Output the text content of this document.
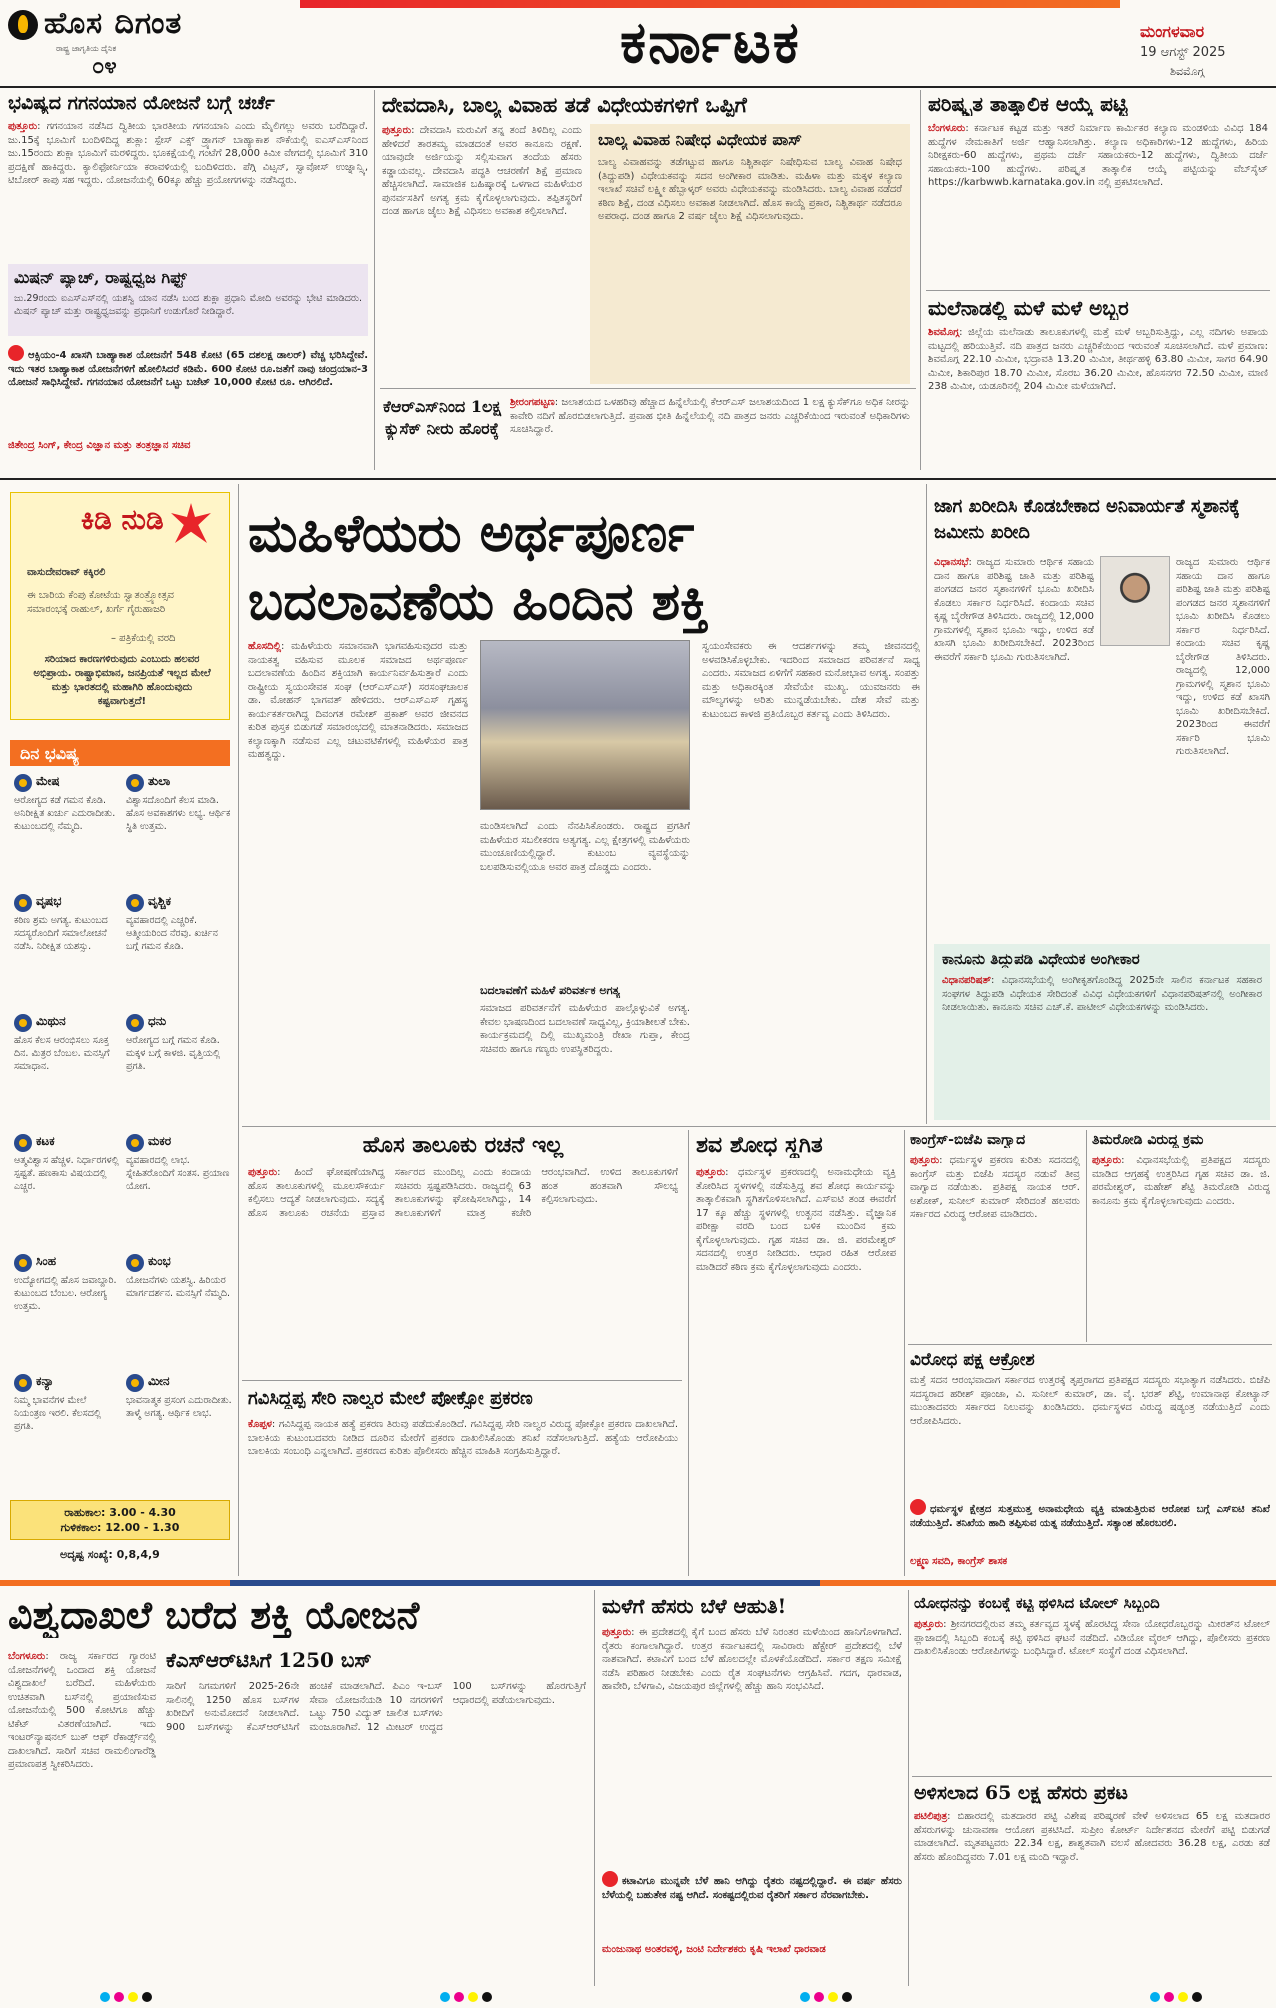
ಹೊಸ ದಿಗಂತ
ರಾಷ್ಟ್ರ ಜಾಗೃತಿಯ ದೈನಿಕ
೦೪	ಕರ್ನಾಟಕ	ಮಂಗಳವಾರ
19 ಆಗಸ್ಟ್ 2025
ಶಿವಮೊಗ್ಗ
ಭವಿಷ್ಯದ ಗಗನಯಾನ ಯೋಜನೆ ಬಗ್ಗೆ ಚರ್ಚೆ
ಪುತ್ತೂರು: ಗಗನಯಾನ ನಡೆಸಿದ ದ್ವಿತೀಯ ಭಾರತೀಯ ಗಗನಯಾನಿ ಎಂದು ಮೈಲಿಗಲ್ಲು ಅವರು ಬರೆದಿದ್ದಾರೆ. ಜು.15ಕ್ಕೆ ಭೂಮಿಗೆ ಬಂದಿಳಿದಿದ್ದ ಶುಕ್ಲಾ: ಸ್ಪೇಸ್ ಎಕ್ಸ್ ಡ್ರ್ಯಾಗನ್ ಬಾಹ್ಯಾಕಾಶ ನೌಕೆಯಲ್ಲಿ ಐಎಸ್ಎಸ್‌ನಿಂದ ಜು.15ರಂದು ಶುಕ್ಲಾ ಭೂಮಿಗೆ ಮರಳಿದ್ದರು. ಭೂಕಕ್ಷೆಯಲ್ಲಿ ಗಂಟೆಗೆ 28,000 ಕಿಮೀ ವೇಗದಲ್ಲಿ ಭೂಮಿಗೆ 310 ಪ್ರದಕ್ಷಿಣೆ ಹಾಕಿದ್ದರು. ಕ್ಯಾಲಿಫೋರ್ನಿಯಾ ಕರಾವಳಿಯಲ್ಲಿ ಬಂದಿಳಿದರು. ಪೆಗ್ಗಿ ವಿಟ್ಸನ್, ಸ್ವಾವೋಸ್ ಉಜ್ನಾನ್ಸ್ಕಿ, ಟಿಬೋರ್ ಕಾಪು ಸಹ ಇದ್ದರು. ಯೋಜನೆಯಲ್ಲಿ 60ಕ್ಕೂ ಹೆಚ್ಚು ಪ್ರಯೋಗಗಳನ್ನು ನಡೆಸಿದ್ದರು.
ಮಿಷನ್ ಪ್ಯಾಚ್, ರಾಷ್ಟ್ರಧ್ವಜ ಗಿಫ್ಟ್
ಜು.29ರಂದು ಐಎಸ್ಎಸ್‌ನಲ್ಲಿ ಯಶಸ್ವಿ ಯಾನ ನಡೆಸಿ ಬಂದ ಶುಕ್ಲಾ ಪ್ರಧಾನಿ ಮೋದಿ ಅವರನ್ನು ಭೇಟಿ ಮಾಡಿದರು. ಮಿಷನ್ ಪ್ಯಾಚ್ ಮತ್ತು ರಾಷ್ಟ್ರಧ್ವಜವನ್ನು ಪ್ರಧಾನಿಗೆ ಉಡುಗೊರೆ ನೀಡಿದ್ದಾರೆ.
ಆಕ್ಸಿಯಂ-4 ಖಾಸಗಿ ಬಾಹ್ಯಾಕಾಶ ಯೋಜನೆಗೆ 548 ಕೋಟಿ (65 ದಶಲಕ್ಷ ಡಾಲರ್) ವೆಚ್ಚ ಭರಿಸಿದ್ದೇವೆ. ಇದು ಇತರ ಬಾಹ್ಯಾಕಾಶ ಯೋಜನೆಗಳಿಗೆ ಹೋಲಿಸಿದರೆ ಕಡಿಮೆ. 600 ಕೋಟಿ ರೂ.ಜತೆಗೆ ನಾವು ಚಂದ್ರಯಾನ-3 ಯೋಜನೆ ಸಾಧಿಸಿದ್ದೇವೆ. ಗಗನಯಾನ ಯೋಜನೆಗೆ ಒಟ್ಟು ಬಜೆಟ್ 10,000 ಕೋಟಿ ರೂ. ಆಗಿರಲಿದೆ.
ಜಿತೇಂದ್ರ ಸಿಂಗ್, ಕೇಂದ್ರ ವಿಜ್ಞಾನ ಮತ್ತು ತಂತ್ರಜ್ಞಾನ ಸಚಿವ
ದೇವದಾಸಿ, ಬಾಲ್ಯ ವಿವಾಹ ತಡೆ ವಿಧೇಯಕಗಳಿಗೆ ಒಪ್ಪಿಗೆ
ಪುತ್ತೂರು: ದೇವದಾಸಿ ಮರುವಿಗೆ ತನ್ನ ತಂದೆ ತಿಳಿದಿಲ್ಲ ಎಂದು ಹೇಳಿದರೆ ತಾರತಮ್ಯ ಮಾಡದಂತೆ ಅವರ ಕಾನೂನು ರಕ್ಷಣೆ. ಯಾವುದೇ ಅರ್ಜಿಯನ್ನು ಸಲ್ಲಿಸುವಾಗ ತಂದೆಯ ಹೆಸರು ಕಡ್ಡಾಯವಲ್ಲ. ದೇವದಾಸಿ ಪದ್ಧತಿ ಆಚರಣೆಗೆ ಶಿಕ್ಷೆ ಪ್ರಮಾಣ ಹೆಚ್ಚಿಸಲಾಗಿದೆ. ಸಾಮಾಜಿಕ ಬಹಿಷ್ಕಾರಕ್ಕೆ ಒಳಗಾದ ಮಹಿಳೆಯರ ಪುನರ್ವಸತಿಗೆ ಅಗತ್ಯ ಕ್ರಮ ಕೈಗೊಳ್ಳಲಾಗುವುದು. ತಪ್ಪಿತಸ್ಥರಿಗೆ ದಂಡ ಹಾಗೂ ಜೈಲು ಶಿಕ್ಷೆ ವಿಧಿಸಲು ಅವಕಾಶ ಕಲ್ಪಿಸಲಾಗಿದೆ.
ಬಾಲ್ಯ ವಿವಾಹ ನಿಷೇಧ ವಿಧೇಯಕ ಪಾಸ್
ಬಾಲ್ಯ ವಿವಾಹವನ್ನು ತಡೆಗಟ್ಟುವ ಹಾಗೂ ನಿಶ್ಚಿತಾರ್ಥ ನಿಷೇಧಿಸುವ ಬಾಲ್ಯ ವಿವಾಹ ನಿಷೇಧ (ತಿದ್ದುಪಡಿ) ವಿಧೇಯಕವನ್ನು ಸದನ ಅಂಗೀಕಾರ ಮಾಡಿತು. ಮಹಿಳಾ ಮತ್ತು ಮಕ್ಕಳ ಕಲ್ಯಾಣ ಇಲಾಖೆ ಸಚಿವೆ ಲಕ್ಷ್ಮೀ ಹೆಬ್ಬಾಳ್ಕರ್ ಅವರು ವಿಧೇಯಕವನ್ನು ಮಂಡಿಸಿದರು. ಬಾಲ್ಯ ವಿವಾಹ ನಡೆದರೆ ಕಠಿಣ ಶಿಕ್ಷೆ, ದಂಡ ವಿಧಿಸಲು ಅವಕಾಶ ನೀಡಲಾಗಿದೆ. ಹೊಸ ಕಾಯ್ದೆ ಪ್ರಕಾರ, ನಿಶ್ಚಿತಾರ್ಥ ನಡೆದರೂ ಅಪರಾಧ. ದಂಡ ಹಾಗೂ 2 ವರ್ಷ ಜೈಲು ಶಿಕ್ಷೆ ವಿಧಿಸಲಾಗುವುದು.
ಕೆಆರ್‌ಎಸ್‌ನಿಂದ 1ಲಕ್ಷ ಕ್ಯುಸೆಕ್ ನೀರು ಹೊರಕ್ಕೆ
ಶ್ರೀರಂಗಪಟ್ಟಣ: ಜಲಾಶಯದ ಒಳಹರಿವು ಹೆಚ್ಚಾದ ಹಿನ್ನೆಲೆಯಲ್ಲಿ ಕೆಆರ್‌ಎಸ್ ಜಲಾಶಯದಿಂದ 1 ಲಕ್ಷ ಕ್ಯುಸೆಕ್‌ಗೂ ಅಧಿಕ ನೀರನ್ನು ಕಾವೇರಿ ನದಿಗೆ ಹೊರಬಿಡಲಾಗುತ್ತಿದೆ. ಪ್ರವಾಹ ಭೀತಿ ಹಿನ್ನೆಲೆಯಲ್ಲಿ ನದಿ ಪಾತ್ರದ ಜನರು ಎಚ್ಚರಿಕೆಯಿಂದ ಇರುವಂತೆ ಅಧಿಕಾರಿಗಳು ಸೂಚಿಸಿದ್ದಾರೆ.
ಪರಿಷ್ಕೃತ ತಾತ್ಕಾಲಿಕ ಆಯ್ಕೆ ಪಟ್ಟಿ
ಬೆಂಗಳೂರು: ಕರ್ನಾಟಕ ಕಟ್ಟಡ ಮತ್ತು ಇತರೆ ನಿರ್ಮಾಣ ಕಾರ್ಮಿಕರ ಕಲ್ಯಾಣ ಮಂಡಳಿಯ ವಿವಿಧ 184 ಹುದ್ದೆಗಳ ನೇಮಕಾತಿಗೆ ಅರ್ಜಿ ಆಹ್ವಾನಿಸಲಾಗಿತ್ತು. ಕಲ್ಯಾಣ ಅಧಿಕಾರಿಗಳು-12 ಹುದ್ದೆಗಳು, ಹಿರಿಯ ನಿರೀಕ್ಷಕರು-60 ಹುದ್ದೆಗಳು, ಪ್ರಥಮ ದರ್ಜೆ ಸಹಾಯಕರು-12 ಹುದ್ದೆಗಳು, ದ್ವಿತೀಯ ದರ್ಜೆ ಸಹಾಯಕರು-100 ಹುದ್ದೆಗಳು. ಪರಿಷ್ಕೃತ ತಾತ್ಕಾಲಿಕ ಆಯ್ಕೆ ಪಟ್ಟಿಯನ್ನು ವೆಬ್‌ಸೈಟ್ https://karbwwb.karnataka.gov.in ನಲ್ಲಿ ಪ್ರಕಟಿಸಲಾಗಿದೆ.
ಮಲೆನಾಡಲ್ಲಿ ಮಳೆ ಮಳೆ ಅಬ್ಬರ
ಶಿವಮೊಗ್ಗ: ಜಿಲ್ಲೆಯ ಮಲೆನಾಡು ತಾಲೂಕುಗಳಲ್ಲಿ ಮತ್ತೆ ಮಳೆ ಅಬ್ಬರಿಸುತ್ತಿದ್ದು, ಎಲ್ಲ ನದಿಗಳು ಅಪಾಯ ಮಟ್ಟದಲ್ಲಿ ಹರಿಯುತ್ತಿವೆ. ನದಿ ಪಾತ್ರದ ಜನರು ಎಚ್ಚರಿಕೆಯಿಂದ ಇರುವಂತೆ ಸೂಚಿಸಲಾಗಿದೆ. ಮಳೆ ಪ್ರಮಾಣ: ಶಿವಮೊಗ್ಗ 22.10 ಮಿಮೀ, ಭದ್ರಾವತಿ 13.20 ಮಿಮೀ, ತೀರ್ಥಹಳ್ಳಿ 63.80 ಮಿಮೀ, ಸಾಗರ 64.90 ಮಿಮೀ, ಶಿಕಾರಿಪುರ 18.70 ಮಿಮೀ, ಸೊರಬ 36.20 ಮಿಮೀ, ಹೊಸನಗರ 72.50 ಮಿಮೀ, ಮಾಣಿ 238 ಮಿಮೀ, ಯಡೂರಿನಲ್ಲಿ 204 ಮಿಮೀ ಮಳೆಯಾಗಿದೆ.
ಕಿಡಿ ನುಡಿ
ವಾಸುದೇವರಾವ್ ಕಕ್ಕಿರಲಿ
ಈ ಬಾರಿಯ ಕೆಂಪು ಕೋಟೆಯ ಸ್ವಾತಂತ್ರ್ಯೋತ್ಸವ ಸಮಾರಂಭಕ್ಕೆ ರಾಹುಲ್, ಖರ್ಗೆ ಗೈರುಹಾಜರಿ
– ಪತ್ರಿಕೆಯಲ್ಲಿ ವರದಿ
ಸರಿಯಾದ ಕಾರಣಗಳಿರುವುದು ಎಂಬುದು ಹಲವರ ಅಭಿಪ್ರಾಯ. ರಾಷ್ಟ್ರಾಭಿಮಾನ, ಜನಪ್ರಿಯತೆ ಇಲ್ಲದ ಮೇಲೆ ಮತ್ತು ಭಾರತದಲ್ಲಿ ಮಹಾಗಿರಿ ಹೊಂದುವುದು ಕಷ್ಟವಾಗುತ್ತದೆ!
ದಿನ ಭವಿಷ್ಯ
ಮೇಷ
ಆರೋಗ್ಯದ ಕಡೆ ಗಮನ ಕೊಡಿ. ಅನಿರೀಕ್ಷಿತ ಖರ್ಚು ಎದುರಾದೀತು. ಕುಟುಂಬದಲ್ಲಿ ನೆಮ್ಮದಿ.
ತುಲಾ
ವಿಶ್ವಾಸದೊಂದಿಗೆ ಕೆಲಸ ಮಾಡಿ. ಹೊಸ ಅವಕಾಶಗಳು ಲಭ್ಯ. ಆರ್ಥಿಕ ಸ್ಥಿತಿ ಉತ್ತಮ.
ವೃಷಭ
ಕಠಿಣ ಶ್ರಮ ಅಗತ್ಯ. ಕುಟುಂಬದ ಸದಸ್ಯರೊಂದಿಗೆ ಸಮಾಲೋಚನೆ ನಡೆಸಿ. ನಿರೀಕ್ಷಿತ ಯಶಸ್ಸು.
ವೃಶ್ಚಿಕ
ವ್ಯವಹಾರದಲ್ಲಿ ಎಚ್ಚರಿಕೆ. ಆತ್ಮೀಯರಿಂದ ನೆರವು. ಖರ್ಚಿನ ಬಗ್ಗೆ ಗಮನ ಕೊಡಿ.
ಮಿಥುನ
ಹೊಸ ಕೆಲಸ ಆರಂಭಿಸಲು ಸೂಕ್ತ ದಿನ. ಮಿತ್ರರ ಬೆಂಬಲ. ಮನಸ್ಸಿಗೆ ಸಮಾಧಾನ.
ಧನು
ಆರೋಗ್ಯದ ಬಗ್ಗೆ ಗಮನ ಕೊಡಿ. ಮಕ್ಕಳ ಬಗ್ಗೆ ಕಾಳಜಿ. ವೃತ್ತಿಯಲ್ಲಿ ಪ್ರಗತಿ.
ಕಟಕ
ಆತ್ಮವಿಶ್ವಾಸ ಹೆಚ್ಚಳ. ನಿರ್ಧಾರಗಳಲ್ಲಿ ಸ್ಪಷ್ಟತೆ. ಹಣಕಾಸು ವಿಷಯದಲ್ಲಿ ಎಚ್ಚರ.
ಮಕರ
ವ್ಯವಹಾರದಲ್ಲಿ ಲಾಭ. ಸ್ನೇಹಿತರೊಂದಿಗೆ ಸಂತಸ. ಪ್ರಯಾಣ ಯೋಗ.
ಸಿಂಹ
ಉದ್ಯೋಗದಲ್ಲಿ ಹೊಸ ಜವಾಬ್ದಾರಿ. ಕುಟುಂಬದ ಬೆಂಬಲ. ಆರೋಗ್ಯ ಉತ್ತಮ.
ಕುಂಭ
ಯೋಜನೆಗಳು ಯಶಸ್ವಿ. ಹಿರಿಯರ ಮಾರ್ಗದರ್ಶನ. ಮನಸ್ಸಿಗೆ ನೆಮ್ಮದಿ.
ಕನ್ಯಾ
ನಿಮ್ಮ ಭಾವನೆಗಳ ಮೇಲೆ ನಿಯಂತ್ರಣ ಇರಲಿ. ಕೆಲಸದಲ್ಲಿ ಪ್ರಗತಿ.
ಮೀನ
ಭಾವನಾತ್ಮಕ ಪ್ರಸಂಗ ಎದುರಾದೀತು. ತಾಳ್ಮೆ ಅಗತ್ಯ. ಆರ್ಥಿಕ ಲಾಭ.
ರಾಹುಕಾಲ: 3.00 - 4.30
ಗುಳಿಕಕಾಲ: 12.00 - 1.30
ಅದೃಷ್ಟ ಸಂಖ್ಯೆ: 0,8,4,9
ಮಹಿಳೆಯರು ಅರ್ಥಪೂರ್ಣ ಬದಲಾವಣೆಯ ಹಿಂದಿನ ಶಕ್ತಿ
ಹೊಸದಿಲ್ಲಿ: ಮಹಿಳೆಯರು ಸಮಾನವಾಗಿ ಭಾಗವಹಿಸುವುದರ ಮತ್ತು ನಾಯಕತ್ವ ವಹಿಸುವ ಮೂಲಕ ಸಮಾಜದ ಅರ್ಥಪೂರ್ಣ ಬದಲಾವಣೆಯ ಹಿಂದಿನ ಶಕ್ತಿಯಾಗಿ ಕಾರ್ಯನಿರ್ವಹಿಸುತ್ತಾರೆ ಎಂದು ರಾಷ್ಟ್ರೀಯ ಸ್ವಯಂಸೇವಕ ಸಂಘ (ಆರ್‌ಎಸ್‌ಎಸ್) ಸರಸಂಘಚಾಲಕ ಡಾ. ಮೋಹನ್ ಭಾಗವತ್ ಹೇಳಿದರು. ಆರ್‌ಎಸ್‌ಎಸ್ ಗೃಹಸ್ಥ ಕಾರ್ಯಕರ್ತರಾಗಿದ್ದ ದಿವಂಗತ ರಮೇಶ್ ಪ್ರಕಾಶ್ ಅವರ ಜೀವನದ ಕುರಿತ ಪುಸ್ತಕ ಬಿಡುಗಡೆ ಸಮಾರಂಭದಲ್ಲಿ ಮಾತನಾಡಿದರು. ಸಮಾಜದ ಕಲ್ಯಾಣಕ್ಕಾಗಿ ನಡೆಸುವ ಎಲ್ಲ ಚಟುವಟಿಕೆಗಳಲ್ಲಿ ಮಹಿಳೆಯರ ಪಾತ್ರ ಮಹತ್ವದ್ದು.
ಮಂಡಿಸಲಾಗಿದೆ ಎಂದು ನೆನಪಿಸಿಕೊಂಡರು. ರಾಷ್ಟ್ರದ ಪ್ರಗತಿಗೆ ಮಹಿಳೆಯರ ಸಬಲೀಕರಣ ಅತ್ಯಗತ್ಯ. ಎಲ್ಲ ಕ್ಷೇತ್ರಗಳಲ್ಲಿ ಮಹಿಳೆಯರು ಮುಂಚೂಣಿಯಲ್ಲಿದ್ದಾರೆ. ಕುಟುಂಬ ವ್ಯವಸ್ಥೆಯನ್ನು ಬಲಪಡಿಸುವಲ್ಲಿಯೂ ಅವರ ಪಾತ್ರ ದೊಡ್ಡದು ಎಂದರು.
ಬದಲಾವಣೆಗೆ ಮಹಿಳೆ ಪರಿವರ್ತಕ ಅಗತ್ಯ
ಸಮಾಜದ ಪರಿವರ್ತನೆಗೆ ಮಹಿಳೆಯರ ಪಾಲ್ಗೊಳ್ಳುವಿಕೆ ಅಗತ್ಯ. ಕೇವಲ ಭಾಷಣದಿಂದ ಬದಲಾವಣೆ ಸಾಧ್ಯವಿಲ್ಲ, ಕ್ರಿಯಾಶೀಲತೆ ಬೇಕು. ಕಾರ್ಯಕ್ರಮದಲ್ಲಿ ದಿಲ್ಲಿ ಮುಖ್ಯಮಂತ್ರಿ ರೇಖಾ ಗುಪ್ತಾ, ಕೇಂದ್ರ ಸಚಿವರು ಹಾಗೂ ಗಣ್ಯರು ಉಪಸ್ಥಿತರಿದ್ದರು.
ಸ್ವಯಂಸೇವಕರು ಈ ಆದರ್ಶಗಳನ್ನು ತಮ್ಮ ಜೀವನದಲ್ಲಿ ಅಳವಡಿಸಿಕೊಳ್ಳಬೇಕು. ಇದರಿಂದ ಸಮಾಜದ ಪರಿವರ್ತನೆ ಸಾಧ್ಯ ಎಂದರು. ಸಮಾಜದ ಏಳಿಗೆಗೆ ಸಹಕಾರ ಮನೋಭಾವ ಅಗತ್ಯ. ಸಂಪತ್ತು ಮತ್ತು ಅಧಿಕಾರಕ್ಕಿಂತ ಸೇವೆಯೇ ಮುಖ್ಯ. ಯುವಜನರು ಈ ಮೌಲ್ಯಗಳನ್ನು ಅರಿತು ಮುನ್ನಡೆಯಬೇಕು. ದೇಶ ಸೇವೆ ಮತ್ತು ಕುಟುಂಬದ ಕಾಳಜಿ ಪ್ರತಿಯೊಬ್ಬರ ಕರ್ತವ್ಯ ಎಂದು ತಿಳಿಸಿದರು.
ಜಾಗ ಖರೀದಿಸಿ ಕೊಡಬೇಕಾದ ಅನಿವಾರ್ಯತೆ ಸ್ಮಶಾನಕ್ಕೆ ಜಮೀನು ಖರೀದಿ
ವಿಧಾನಸಭೆ: ರಾಜ್ಯದ ಸುಮಾರು ಆರ್ಥಿಕ ಸಹಾಯ ದಾನ ಹಾಗೂ ಪರಿಶಿಷ್ಟ ಜಾತಿ ಮತ್ತು ಪರಿಶಿಷ್ಟ ಪಂಗಡದ ಜನರ ಸ್ಮಶಾನಗಳಿಗೆ ಭೂಮಿ ಖರೀದಿಸಿ ಕೊಡಲು ಸರ್ಕಾರ ನಿರ್ಧರಿಸಿದೆ. ಕಂದಾಯ ಸಚಿವ ಕೃಷ್ಣ ಬೈರೇಗೌಡ ತಿಳಿಸಿದರು. ರಾಜ್ಯದಲ್ಲಿ 12,000 ಗ್ರಾಮಗಳಲ್ಲಿ ಸ್ಮಶಾನ ಭೂಮಿ ಇದ್ದು, ಉಳಿದ ಕಡೆ ಖಾಸಗಿ ಭೂಮಿ ಖರೀದಿಸಬೇಕಿದೆ. 2023ರಿಂದ ಈವರೆಗೆ ಸರ್ಕಾರಿ ಭೂಮಿ ಗುರುತಿಸಲಾಗಿದೆ.
ರಾಜ್ಯದ ಸುಮಾರು ಆರ್ಥಿಕ ಸಹಾಯ ದಾನ ಹಾಗೂ ಪರಿಶಿಷ್ಟ ಜಾತಿ ಮತ್ತು ಪರಿಶಿಷ್ಟ ಪಂಗಡದ ಜನರ ಸ್ಮಶಾನಗಳಿಗೆ ಭೂಮಿ ಖರೀದಿಸಿ ಕೊಡಲು ಸರ್ಕಾರ ನಿರ್ಧರಿಸಿದೆ. ಕಂದಾಯ ಸಚಿವ ಕೃಷ್ಣ ಬೈರೇಗೌಡ ತಿಳಿಸಿದರು. ರಾಜ್ಯದಲ್ಲಿ 12,000 ಗ್ರಾಮಗಳಲ್ಲಿ ಸ್ಮಶಾನ ಭೂಮಿ ಇದ್ದು, ಉಳಿದ ಕಡೆ ಖಾಸಗಿ ಭೂಮಿ ಖರೀದಿಸಬೇಕಿದೆ. 2023ರಿಂದ ಈವರೆಗೆ ಸರ್ಕಾರಿ ಭೂಮಿ ಗುರುತಿಸಲಾಗಿದೆ.
ಕಾನೂನು ತಿದ್ದುಪಡಿ ವಿಧೇಯಕ ಅಂಗೀಕಾರ
ವಿಧಾನಪರಿಷತ್: ವಿಧಾನಸಭೆಯಲ್ಲಿ ಅಂಗೀಕೃತಗೊಂಡಿದ್ದ 2025ನೇ ಸಾಲಿನ ಕರ್ನಾಟಕ ಸಹಕಾರ ಸಂಘಗಳ ತಿದ್ದುಪಡಿ ವಿಧೇಯಕ ಸೇರಿದಂತೆ ವಿವಿಧ ವಿಧೇಯಕಗಳಿಗೆ ವಿಧಾನಪರಿಷತ್‌ನಲ್ಲಿ ಅಂಗೀಕಾರ ನೀಡಲಾಯಿತು. ಕಾನೂನು ಸಚಿವ ಎಚ್.ಕೆ. ಪಾಟೀಲ್ ವಿಧೇಯಕಗಳನ್ನು ಮಂಡಿಸಿದರು.
ಹೊಸ ತಾಲೂಕು ರಚನೆ ಇಲ್ಲ
ಪುತ್ತೂರು: ಹಿಂದೆ ಘೋಷಣೆಯಾಗಿದ್ದ ಹೊಸ ತಾಲೂಕುಗಳಲ್ಲಿ ಮೂಲಸೌಕರ್ಯ ಕಲ್ಪಿಸಲು ಆದ್ಯತೆ ನೀಡಲಾಗುವುದು. ಸದ್ಯಕ್ಕೆ ಹೊಸ ತಾಲೂಕು ರಚನೆಯ ಪ್ರಸ್ತಾವ ಸರ್ಕಾರದ ಮುಂದಿಲ್ಲ ಎಂದು ಕಂದಾಯ ಸಚಿವರು ಸ್ಪಷ್ಟಪಡಿಸಿದರು. ರಾಜ್ಯದಲ್ಲಿ 63 ತಾಲೂಕುಗಳನ್ನು ಘೋಷಿಸಲಾಗಿದ್ದು, 14 ತಾಲೂಕುಗಳಿಗೆ ಮಾತ್ರ ಕಚೇರಿ ಆರಂಭವಾಗಿದೆ. ಉಳಿದ ತಾಲೂಕುಗಳಿಗೆ ಹಂತ ಹಂತವಾಗಿ ಸೌಲಭ್ಯ ಕಲ್ಪಿಸಲಾಗುವುದು.
ಗವಿಸಿದ್ದಪ್ಪ ಸೇರಿ ನಾಲ್ವರ ಮೇಲೆ ಪೋಕ್ಸೋ ಪ್ರಕರಣ
ಕೊಪ್ಪಳ: ಗವಿಸಿದ್ದಪ್ಪ ನಾಯಕ ಹತ್ಯೆ ಪ್ರಕರಣ ತಿರುವು ಪಡೆದುಕೊಂಡಿದೆ. ಗವಿಸಿದ್ದಪ್ಪ ಸೇರಿ ನಾಲ್ವರ ವಿರುದ್ಧ ಪೋಕ್ಸೋ ಪ್ರಕರಣ ದಾಖಲಾಗಿದೆ. ಬಾಲಕಿಯ ಕುಟುಂಬದವರು ನೀಡಿದ ದೂರಿನ ಮೇರೆಗೆ ಪ್ರಕರಣ ದಾಖಲಿಸಿಕೊಂಡು ತನಿಖೆ ನಡೆಸಲಾಗುತ್ತಿದೆ. ಹತ್ಯೆಯ ಆರೋಪಿಯು ಬಾಲಕಿಯ ಸಂಬಂಧಿ ಎನ್ನಲಾಗಿದೆ. ಪ್ರಕರಣದ ಕುರಿತು ಪೊಲೀಸರು ಹೆಚ್ಚಿನ ಮಾಹಿತಿ ಸಂಗ್ರಹಿಸುತ್ತಿದ್ದಾರೆ.
ಶವ ಶೋಧ ಸ್ಥಗಿತ
ಪುತ್ತೂರು: ಧರ್ಮಸ್ಥಳ ಪ್ರಕರಣದಲ್ಲಿ ಅನಾಮಧೇಯ ವ್ಯಕ್ತಿ ತೋರಿಸಿದ ಸ್ಥಳಗಳಲ್ಲಿ ನಡೆಸುತ್ತಿದ್ದ ಶವ ಶೋಧ ಕಾರ್ಯವನ್ನು ತಾತ್ಕಾಲಿಕವಾಗಿ ಸ್ಥಗಿತಗೊಳಿಸಲಾಗಿದೆ. ಎಸ್‌ಐಟಿ ತಂಡ ಈವರೆಗೆ 17 ಕ್ಕೂ ಹೆಚ್ಚು ಸ್ಥಳಗಳಲ್ಲಿ ಉತ್ಖನನ ನಡೆಸಿತ್ತು. ವೈಜ್ಞಾನಿಕ ಪರೀಕ್ಷಾ ವರದಿ ಬಂದ ಬಳಿಕ ಮುಂದಿನ ಕ್ರಮ ಕೈಗೊಳ್ಳಲಾಗುವುದು. ಗೃಹ ಸಚಿವ ಡಾ. ಜಿ. ಪರಮೇಶ್ವರ್ ಸದನದಲ್ಲಿ ಉತ್ತರ ನೀಡಿದರು. ಆಧಾರ ರಹಿತ ಆರೋಪ ಮಾಡಿದರೆ ಕಠಿಣ ಕ್ರಮ ಕೈಗೊಳ್ಳಲಾಗುವುದು ಎಂದರು.
ಕಾಂಗ್ರೆಸ್-ಬಿಜೆಪಿ ವಾಗ್ವಾದ
ಪುತ್ತೂರು: ಧರ್ಮಸ್ಥಳ ಪ್ರಕರಣ ಕುರಿತು ಸದನದಲ್ಲಿ ಕಾಂಗ್ರೆಸ್ ಮತ್ತು ಬಿಜೆಪಿ ಸದಸ್ಯರ ನಡುವೆ ತೀವ್ರ ವಾಗ್ವಾದ ನಡೆಯಿತು. ಪ್ರತಿಪಕ್ಷ ನಾಯಕ ಆರ್. ಅಶೋಕ್, ಸುನೀಲ್ ಕುಮಾರ್ ಸೇರಿದಂತೆ ಹಲವರು ಸರ್ಕಾರದ ವಿರುದ್ಧ ಆರೋಪ ಮಾಡಿದರು.
ತಿಮರೋಡಿ ವಿರುದ್ಧ ಕ್ರಮ
ಪುತ್ತೂರು: ವಿಧಾನಸಭೆಯಲ್ಲಿ ಪ್ರತಿಪಕ್ಷದ ಸದಸ್ಯರು ಮಾಡಿದ ಆಗ್ರಹಕ್ಕೆ ಉತ್ತರಿಸಿದ ಗೃಹ ಸಚಿವ ಡಾ. ಜಿ. ಪರಮೇಶ್ವರ್, ಮಹೇಶ್ ಶೆಟ್ಟಿ ತಿಮರೋಡಿ ವಿರುದ್ಧ ಕಾನೂನು ಕ್ರಮ ಕೈಗೊಳ್ಳಲಾಗುವುದು ಎಂದರು.
ವಿರೋಧ ಪಕ್ಷ ಆಕ್ರೋಶ
ಮತ್ತೆ ಸದನ ಆರಂಭವಾದಾಗ ಸರ್ಕಾರದ ಉತ್ತರಕ್ಕೆ ತೃಪ್ತರಾಗದ ಪ್ರತಿಪಕ್ಷದ ಸದಸ್ಯರು ಸಭಾತ್ಯಾಗ ನಡೆಸಿದರು. ಬಿಜೆಪಿ ಸದಸ್ಯರಾದ ಹರೀಶ್ ಪೂಂಜಾ, ವಿ. ಸುನೀಲ್ ಕುಮಾರ್, ಡಾ. ವೈ. ಭರತ್ ಶೆಟ್ಟಿ, ಉಮಾನಾಥ ಕೋಟ್ಯಾನ್ ಮುಂತಾದವರು ಸರ್ಕಾರದ ನಿಲುವನ್ನು ಖಂಡಿಸಿದರು. ಧರ್ಮಸ್ಥಳದ ವಿರುದ್ಧ ಷಡ್ಯಂತ್ರ ನಡೆಯುತ್ತಿದೆ ಎಂದು ಆರೋಪಿಸಿದರು.
ಧರ್ಮಸ್ಥಳ ಕ್ಷೇತ್ರದ ಸುತ್ತಮುತ್ತ ಅನಾಮಧೇಯ ವ್ಯಕ್ತಿ ಮಾಡುತ್ತಿರುವ ಆರೋಪ ಬಗ್ಗೆ ಎಸ್‌ಐಟಿ ತನಿಖೆ ನಡೆಯುತ್ತಿದೆ. ತನಿಖೆಯ ಹಾದಿ ತಪ್ಪಿಸುವ ಯತ್ನ ನಡೆಯುತ್ತಿದೆ. ಸತ್ಯಾಂಶ ಹೊರಬರಲಿ.
ಲಕ್ಷ್ಮಣ ಸವದಿ, ಕಾಂಗ್ರೆಸ್ ಶಾಸಕ
ವಿಶ್ವದಾಖಲೆ ಬರೆದ ಶಕ್ತಿ ಯೋಜನೆ
ಬೆಂಗಳೂರು: ರಾಜ್ಯ ಸರ್ಕಾರದ ಗ್ಯಾರಂಟಿ ಯೋಜನೆಗಳಲ್ಲಿ ಒಂದಾದ ಶಕ್ತಿ ಯೋಜನೆ ವಿಶ್ವದಾಖಲೆ ಬರೆದಿದೆ. ಮಹಿಳೆಯರು ಉಚಿತವಾಗಿ ಬಸ್‌ನಲ್ಲಿ ಪ್ರಯಾಣಿಸುವ ಯೋಜನೆಯಲ್ಲಿ 500 ಕೋಟಿಗೂ ಹೆಚ್ಚು ಟಿಕೆಟ್ ವಿತರಣೆಯಾಗಿದೆ. ಇದು ಇಂಟರ್‌ನ್ಯಾಷನಲ್ ಬುಕ್ ಆಫ್ ರೆಕಾರ್ಡ್ಸ್‌ನಲ್ಲಿ ದಾಖಲಾಗಿದೆ. ಸಾರಿಗೆ ಸಚಿವ ರಾಮಲಿಂಗಾರೆಡ್ಡಿ ಪ್ರಮಾಣಪತ್ರ ಸ್ವೀಕರಿಸಿದರು.
ಕೆಎಸ್ಆರ್‌ಟಿಸಿಗೆ 1250 ಬಸ್
ಸಾರಿಗೆ ನಿಗಮಗಳಿಗೆ 2025-26ನೇ ಸಾಲಿನಲ್ಲಿ 1250 ಹೊಸ ಬಸ್‌ಗಳ ಖರೀದಿಗೆ ಅನುಮೋದನೆ ನೀಡಲಾಗಿದೆ. 900 ಬಸ್‌ಗಳನ್ನು ಕೆಎಸ್ಆರ್‌ಟಿಸಿಗೆ ಹಂಚಿಕೆ ಮಾಡಲಾಗಿದೆ. ಪಿಎಂ ಇ-ಬಸ್ ಸೇವಾ ಯೋಜನೆಯಡಿ 10 ನಗರಗಳಿಗೆ ಒಟ್ಟು 750 ವಿದ್ಯುತ್ ಚಾಲಿತ ಬಸ್‌ಗಳು ಮಂಜೂರಾಗಿವೆ. 12 ಮೀಟರ್ ಉದ್ದದ 100 ಬಸ್‌ಗಳನ್ನು ಹೊರಗುತ್ತಿಗೆ ಆಧಾರದಲ್ಲಿ ಪಡೆಯಲಾಗುವುದು.
ಮಳೆಗೆ ಹೆಸರು ಬೆಳೆ ಆಹುತಿ!
ಪುತ್ತೂರು: ಈ ಪ್ರದೇಶದಲ್ಲಿ ಕೈಗೆ ಬಂದ ಹೆಸರು ಬೆಳೆ ನಿರಂತರ ಮಳೆಯಿಂದ ಹಾನಿಗೊಳಗಾಗಿದೆ. ರೈತರು ಕಂಗಾಲಾಗಿದ್ದಾರೆ. ಉತ್ತರ ಕರ್ನಾಟಕದಲ್ಲಿ ಸಾವಿರಾರು ಹೆಕ್ಟೇರ್ ಪ್ರದೇಶದಲ್ಲಿ ಬೆಳೆ ನಾಶವಾಗಿದೆ. ಕಟಾವಿಗೆ ಬಂದ ಬೆಳೆ ಹೊಲದಲ್ಲೇ ಮೊಳಕೆಯೊಡೆದಿದೆ. ಸರ್ಕಾರ ತಕ್ಷಣ ಸಮೀಕ್ಷೆ ನಡೆಸಿ ಪರಿಹಾರ ನೀಡಬೇಕು ಎಂದು ರೈತ ಸಂಘಟನೆಗಳು ಆಗ್ರಹಿಸಿವೆ. ಗದಗ, ಧಾರವಾಡ, ಹಾವೇರಿ, ಬೆಳಗಾವಿ, ವಿಜಯಪುರ ಜಿಲ್ಲೆಗಳಲ್ಲಿ ಹೆಚ್ಚು ಹಾನಿ ಸಂಭವಿಸಿದೆ.
ಕಟಾವಿಗೂ ಮುನ್ನವೇ ಬೆಳೆ ಹಾನಿ ಆಗಿದ್ದು ರೈತರು ನಷ್ಟದಲ್ಲಿದ್ದಾರೆ. ಈ ವರ್ಷ ಹೆಸರು ಬೆಳೆಯಲ್ಲಿ ಬಹುತೇಕ ನಷ್ಟ ಆಗಿದೆ. ಸಂಕಷ್ಟದಲ್ಲಿರುವ ರೈತರಿಗೆ ಸರ್ಕಾರ ನೆರವಾಗಬೇಕು.
ಮಂಜುನಾಥ ಅಂತರವಳ್ಳಿ, ಜಂಟಿ ನಿರ್ದೇಶಕರು ಕೃಷಿ ಇಲಾಖೆ ಧಾರವಾಡ
ಯೋಧನನ್ನು ಕಂಬಕ್ಕೆ ಕಟ್ಟಿ ಥಳಿಸಿದ ಟೋಲ್ ಸಿಬ್ಬಂದಿ
ಪುತ್ತೂರು: ಶ್ರೀನಗರದಲ್ಲಿರುವ ತಮ್ಮ ಕರ್ತವ್ಯದ ಸ್ಥಳಕ್ಕೆ ಹೊರಟಿದ್ದ ಸೇನಾ ಯೋಧರೊಬ್ಬರನ್ನು ಮೀರತ್‌ನ ಟೋಲ್ ಪ್ಲಾಜಾದಲ್ಲಿ ಸಿಬ್ಬಂದಿ ಕಂಬಕ್ಕೆ ಕಟ್ಟಿ ಥಳಿಸಿದ ಘಟನೆ ನಡೆದಿದೆ. ವಿಡಿಯೋ ವೈರಲ್ ಆಗಿದ್ದು, ಪೊಲೀಸರು ಪ್ರಕರಣ ದಾಖಲಿಸಿಕೊಂಡು ಆರೋಪಿಗಳನ್ನು ಬಂಧಿಸಿದ್ದಾರೆ. ಟೋಲ್ ಸಂಸ್ಥೆಗೆ ದಂಡ ವಿಧಿಸಲಾಗಿದೆ.
ಅಳಿಸಲಾದ 65 ಲಕ್ಷ ಹೆಸರು ಪ್ರಕಟ
ಪಟಿಲಿಪುತ್ರ: ಬಿಹಾರದಲ್ಲಿ ಮತದಾರರ ಪಟ್ಟಿ ವಿಶೇಷ ಪರಿಷ್ಕರಣೆ ವೇಳೆ ಅಳಿಸಲಾದ 65 ಲಕ್ಷ ಮತದಾರರ ಹೆಸರುಗಳನ್ನು ಚುನಾವಣಾ ಆಯೋಗ ಪ್ರಕಟಿಸಿದೆ. ಸುಪ್ರೀಂ ಕೋರ್ಟ್ ನಿರ್ದೇಶನದ ಮೇರೆಗೆ ಪಟ್ಟಿ ಬಿಡುಗಡೆ ಮಾಡಲಾಗಿದೆ. ಮೃತಪಟ್ಟವರು 22.34 ಲಕ್ಷ, ಶಾಶ್ವತವಾಗಿ ವಲಸೆ ಹೋದವರು 36.28 ಲಕ್ಷ, ಎರಡು ಕಡೆ ಹೆಸರು ಹೊಂದಿದ್ದವರು 7.01 ಲಕ್ಷ ಮಂದಿ ಇದ್ದಾರೆ.
